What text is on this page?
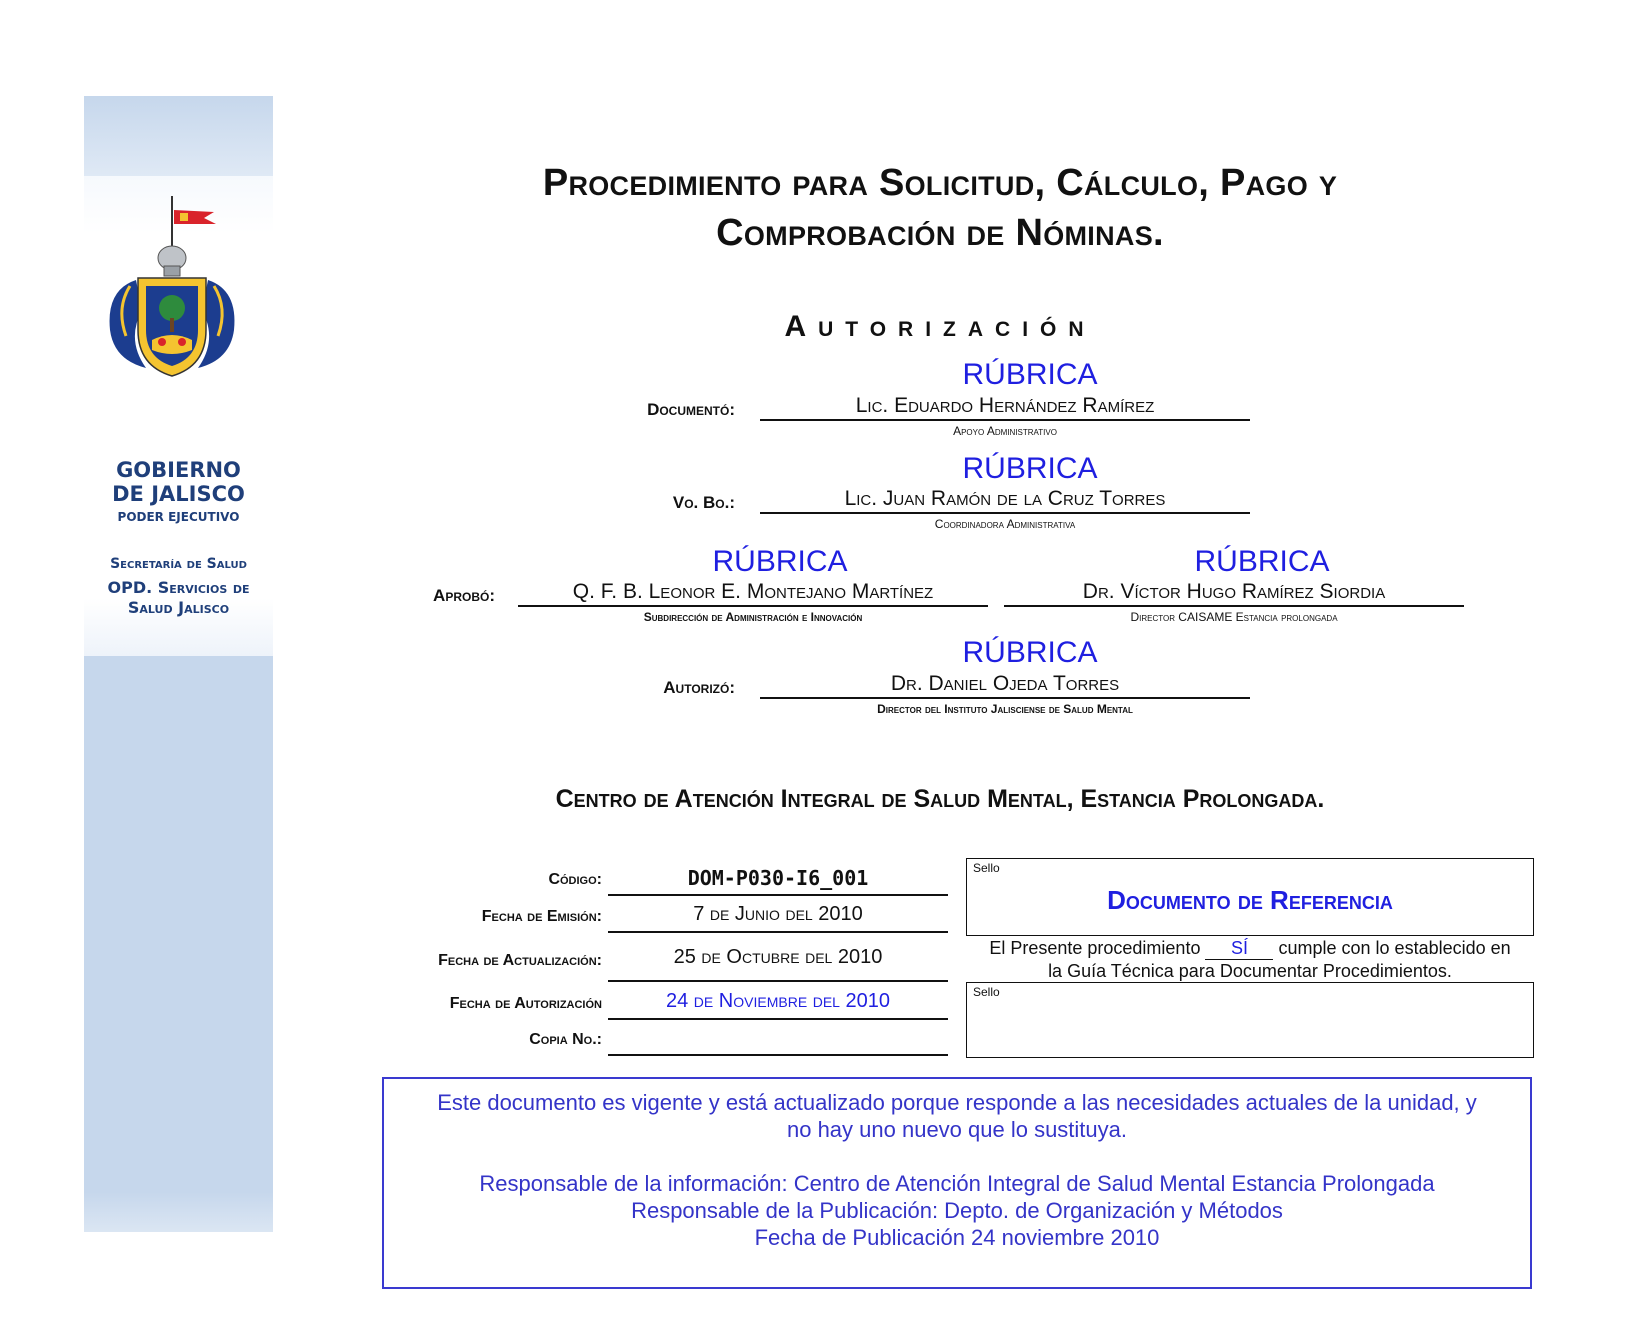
GOBIERNO
DE JALISCO
PODER EJECUTIVO
Secretaría de Salud
OPD. Servicios de
Salud Jalisco
Procedimiento para Solicitud, Cálculo, Pago y
Comprobación de Nóminas.
Autorización
RÚBRICA
Documentó:	Lic. Eduardo Hernández Ramírez
Apoyo Administrativo
RÚBRICA
Vo. Bo.:	Lic. Juan Ramón de la Cruz Torres
Coordinadora Administrativa
RÚBRICA	RÚBRICA
Aprobó:	Q. F. B. Leonor E. Montejano Martínez
Subdirección de Administración e Innovación
Dr. Víctor Hugo Ramírez Siordia
Director CAISAME Estancia prolongada
RÚBRICA
Autorizó:	Dr. Daniel Ojeda Torres
Director del Instituto Jalisciense de Salud Mental
Centro de Atención Integral de Salud Mental, Estancia Prolongada.
Código:	DOM-P030-I6_001
Fecha de Emisión:	7 de Junio del 2010
Fecha de Actualización:	25 de Octubre del 2010
Fecha de Autorización	24 de Noviembre del 2010
Copia No.:
Sello
Documento de Referencia
El Presente procedimiento SÍ cumple con lo establecido en
la Guía Técnica para Documentar Procedimientos.
Sello

Este documento es vigente y está actualizado porque responde a las necesidades actuales de la unidad, y

no hay uno nuevo que lo sustituya.

Responsable de la información: Centro de Atención Integral de Salud Mental Estancia Prolongada

Responsable de la Publicación: Depto. de Organización y Métodos

Fecha de Publicación 24 noviembre 2010
